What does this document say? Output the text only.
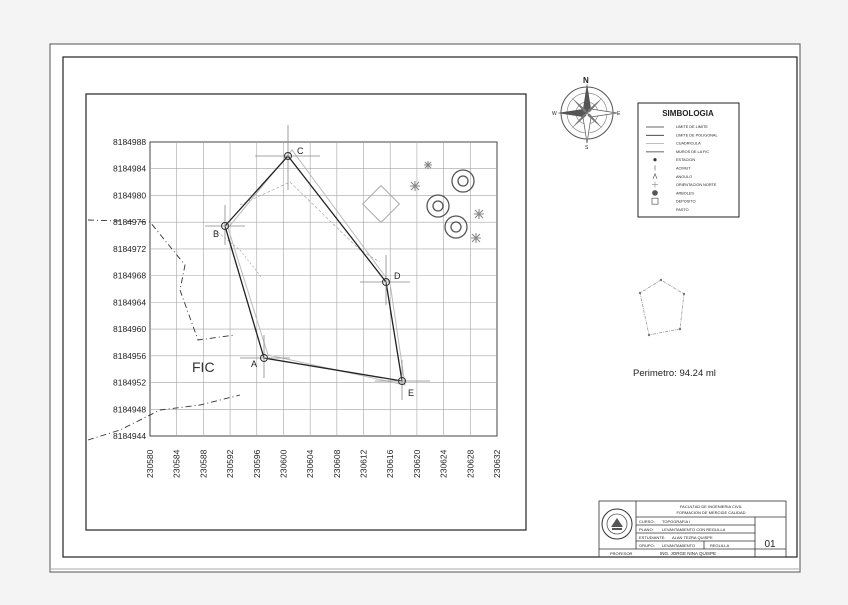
8184988
8184984
8184980
8184976
8184972
8184968
8184964
8184960
8184956
8184952
8184948
8184944
230580 230584 230588 230592 230596 230600 230604 230608 230612 230616 230620 230624 230628 230632
C
B
D
E
A
FIC
N
S
E
W	SIMBOLOGIA
LIMITE DE LIMITE
LIMITE DE POLIGONAL
CUADRICULA
MUROS DE LA FIC
ESTACION
ACIMUT
ANGULO
ORIENTACION NORTE
ARBOLES
DEPOSITO
PASTO
Perimetro: 94.24 ml
FACULTAD DE INGENIERIA CIVIL
FORMACION DE MERCIDE CALIDAD
CURSO: TOPOGRAFIA I
PLANO: LEVANTAMIENTO CON REGLILLA
ESTUDIANTE: ALAN TEZRA QUISPE
GRUPO: LEVANTAMIENTO	REGLILLA
PROFESOR	ING. JORGE NINA QUISPE
01
